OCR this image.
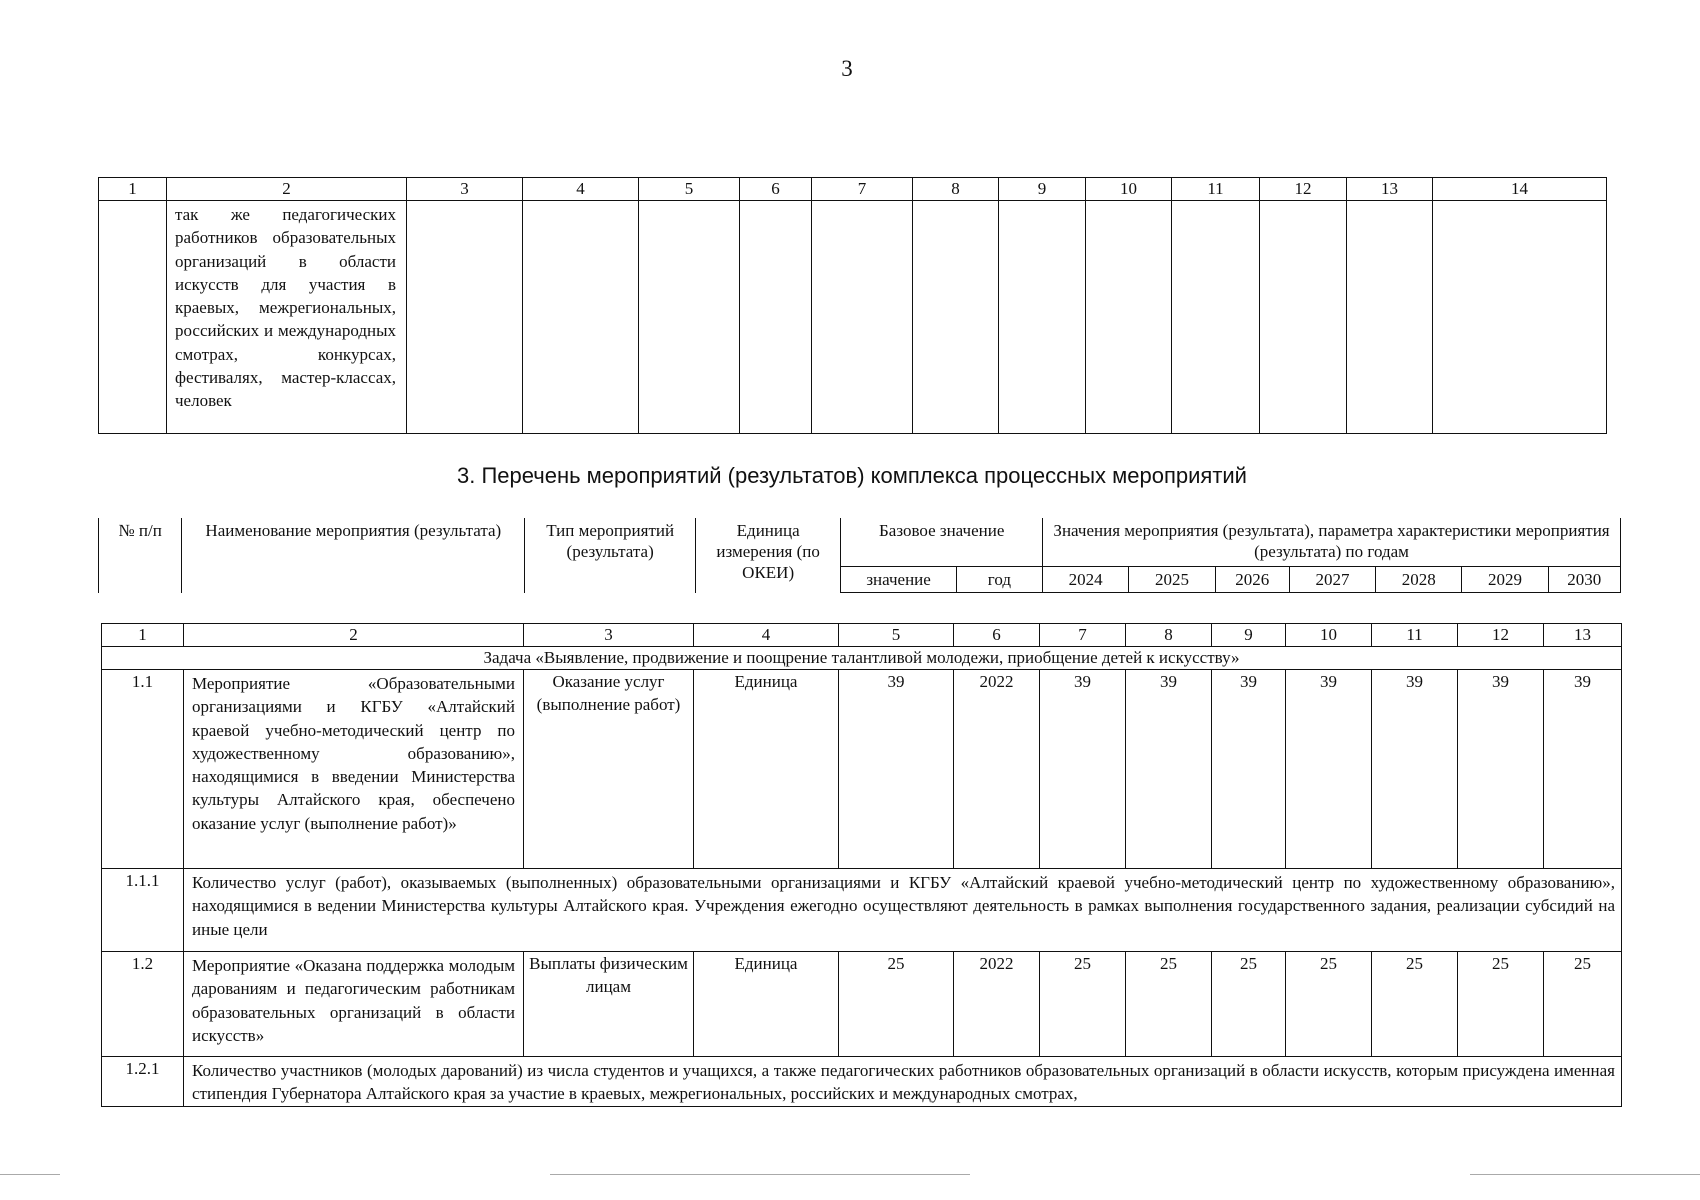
3
1	2	3	4	5	6	7	8	9	10	11	12	13	14
	так же педагогических работников образовательных организаций в области искусств для участия в краевых, межрегиональных, российских и международных смотрах, конкурсах, фестивалях, мастер-классах, человек												
3. Перечень мероприятий (результатов) комплекса процессных мероприятий
№ п/п	Наименование мероприятия (результата)	Тип мероприятий (результата)	Единица измерения (по ОКЕИ)	Базовое значение		Значения мероприятия (результата), параметра характеристики мероприятия (результата) по годам						
				значение	год	2024	2025	2026	2027	2028	2029	2030
1	2	3	4	5	6	7	8	9	10	11	12	13
Задача «Выявление, продвижение и поощрение талантливой молодежи, приобщение детей к искусству»												
1.1	Мероприятие «Образовательными организациями и КГБУ «Алтайский краевой учебно-методический центр по художественному образованию», находящимися в введении Министерства культуры Алтайского края, обеспечено оказание услуг (выполнение работ)»	Оказание услуг (выполнение работ)	Единица	39	2022	39	39	39	39	39	39	39
1.1.1	Количество услуг (работ), оказываемых (выполненных) образовательными организациями и КГБУ «Алтайский краевой учебно-методический центр по художественному образованию», находящимися в ведении Министерства культуры Алтайского края. Учреждения ежегодно осуществляют деятельность в рамках выполнения государственного задания, реализации субсидий на иные цели											
1.2	Мероприятие «Оказана поддержка молодым дарованиям и педагогическим работникам образовательных организаций в области искусств»	Выплаты физическим лицам	Единица	25	2022	25	25	25	25	25	25	25
1.2.1	Количество участников (молодых дарований) из числа студентов и учащихся, а также педагогических работников образовательных организаций в области искусств, которым присуждена именная стипендия Губернатора Алтайского края за участие в краевых, межрегиональных, российских и международных смотрах,											
